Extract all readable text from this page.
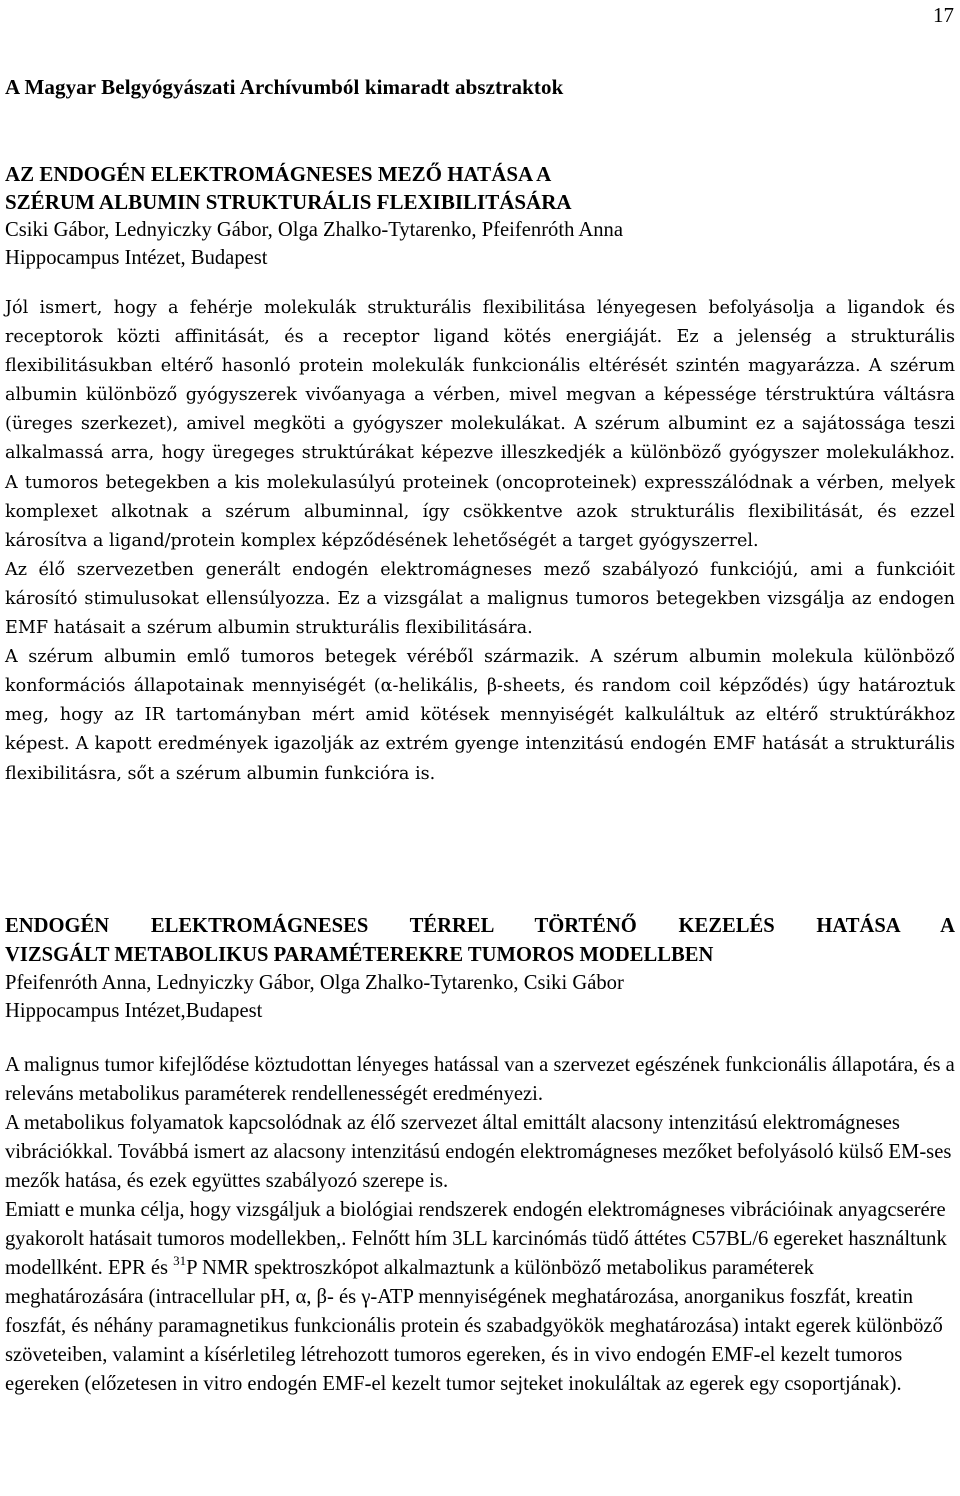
17
A Magyar Belgyógyászati Archívumból kimaradt absztraktok
AZ ENDOGÉN ELEKTROMÁGNESES MEZŐ HATÁSA A
SZÉRUM ALBUMIN STRUKTURÁLIS FLEXIBILITÁSÁRA

Csiki Gábor, Lednyiczky Gábor, Olga Zhalko-Tytarenko, Pfeifenróth Anna

Hippocampus Intézet, Budapest

Jól ismert, hogy a fehérje molekulák strukturális flexibilitása lényegesen befolyásolja a ligandok és receptorok közti affinitását, és a receptor ligand kötés energiáját. Ez a jelenség a strukturális flexibilitásukban eltérő hasonló protein molekulák funkcionális eltérését szintén magyarázza. A szérum albumin különböző gyógyszerek vivőanyaga a vérben, mivel megvan a képessége térstruktúra váltásra (üreges szerkezet), amivel megköti a gyógyszer molekulákat. A szérum albumint ez a sajátossága teszi alkalmassá arra, hogy üregeges struktúrákat képezve illeszkedjék a különböző gyógyszer molekulákhoz. A tumoros betegekben a kis molekulasúlyú proteinek (oncoproteinek) expresszálódnak a vérben, melyek komplexet alkotnak a szérum albuminnal, így csökkentve azok strukturális flexibilitását, és ezzel károsítva a ligand/protein komplex képződésének lehetőségét a target gyógyszerrel.
Az élő szervezetben generált endogén elektromágneses mező szabályozó funkciójú, ami a funkcióit károsító stimulusokat ellensúlyozza. Ez a vizsgálat a malignus tumoros betegekben vizsgálja az endogen EMF hatásait a szérum albumin strukturális flexibilitására.
A szérum albumin emlő tumoros betegek véréből származik. A szérum albumin molekula különböző konformációs állapotainak mennyiségét (α-helikális, β-sheets, és random coil képződés) úgy határoztuk meg, hogy az IR tartományban mért amid kötések mennyiségét kalkuláltuk az eltérő struktúrákhoz képest. A kapott eredmények igazolják az extrém gyenge intenzitású endogén EMF hatását a strukturális flexibilitásra, sőt a szérum albumin funkcióra is.
ENDOGÉN ELEKTROMÁGNESES TÉRREL TÖRTÉNŐ KEZELÉS HATÁSA A
VIZSGÁLT METABOLIKUS PARAMÉTEREKRE TUMOROS MODELLBEN

Pfeifenróth Anna, Lednyiczky Gábor, Olga Zhalko-Tytarenko, Csiki Gábor

Hippocampus Intézet,Budapest

A malignus tumor kifejlődése köztudottan lényeges hatással van a szervezet egészének funkcionális állapotára, és a releváns metabolikus paraméterek rendellenességét eredményezi.
A metabolikus folyamatok kapcsolódnak az élő szervezet által emittált alacsony intenzitású elektromágneses vibrációkkal. Továbbá ismert az alacsony intenzitású endogén elektromágneses mezőket befolyásoló külső EM-ses mezők hatása, és ezek együttes szabályozó szerepe is.
Emiatt e munka célja, hogy vizsgáljuk a biológiai rendszerek endogén elektromágneses vibrációinak anyagcserére gyakorolt hatásait tumoros modellekben,. Felnőtt hím 3LL karcinómás tüdő áttétes C57BL/6 egereket használtunk modellként. EPR és $^{31}$P NMR spektroszkópot alkalmaztunk a különböző metabolikus paraméterek meghatározására (intracellular pH, α, β- és γ-ATP mennyiségének meghatározása, anorganikus foszfát, kreatin foszfát, és néhány paramagnetikus funkcionális protein és szabadgyökök meghatározása) intakt egerek különböző szöveteiben, valamint a kísérletileg létrehozott tumoros egereken, és in vivo endogén EMF-el kezelt tumoros egereken (előzetesen in vitro endogén EMF-el kezelt tumor sejteket inokuláltak az egerek egy csoportjának).
